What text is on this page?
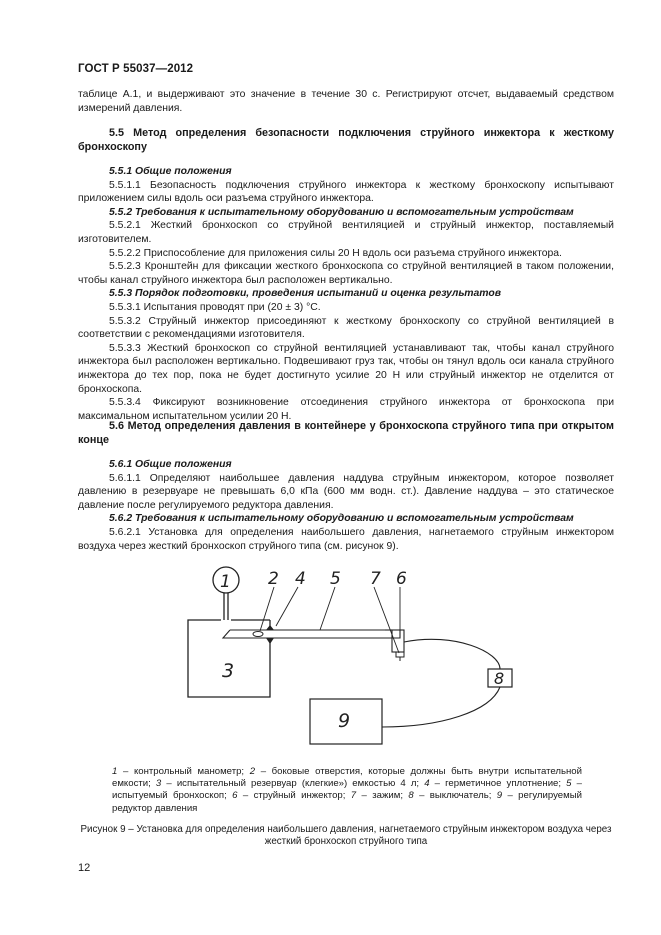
ГОСТ Р 55037—2012

таблице А.1, и выдерживают это значение в течение 30 с. Регистрируют отсчет, выдаваемый средством измерений давления.

5.5 Метод определения безопасности подключения струйного инжектора к жесткому бронхоскопу

5.5.1 Общие положения

5.5.1.1 Безопасность подключения струйного инжектора к жесткому бронхоскопу испытывают приложением силы вдоль оси разъема струйного инжектора.

5.5.2 Требования к испытательному оборудованию и вспомогательным устройствам

5.5.2.1 Жесткий бронхоскоп со струйной вентиляцией и струйный инжектор, поставляемый изготовителем.

5.5.2.2 Приспособление для приложения силы 20 Н вдоль оси разъема струйного инжектора.

5.5.2.3 Кронштейн для фиксации жесткого бронхоскопа со струйной вентиляцией в таком положении, чтобы канал струйного инжектора был расположен вертикально.

5.5.3 Порядок подготовки, проведения испытаний и оценка результатов

5.5.3.1 Испытания проводят при (20 ± 3) °С.

5.5.3.2 Струйный инжектор присоединяют к жесткому бронхоскопу со струйной вентиляцией в соответствии с рекомендациями изготовителя.

5.5.3.3 Жесткий бронхоскоп со струйной вентиляцией устанавливают так, чтобы канал струйного инжектора был расположен вертикально. Подвешивают груз так, чтобы он тянул вдоль оси канала струйного инжектора до тех пор, пока не будет достигнуто усилие 20 Н или струйный инжектор не отделится от бронхоскопа.

5.5.3.4 Фиксируют возникновение отсоединения струйного инжектора от бронхоскопа при максимальном испытательном усилии 20 Н.

5.6 Метод определения давления в контейнере у бронхоскопа струйного типа при открытом конце

5.6.1 Общие положения

5.6.1.1 Определяют наибольшее давления наддува струйным инжектором, которое позволяет давлению в резервуаре не превышать 6,0 кПа (600 мм водн. ст.). Давление наддува – это статическое давление после регулируемого редуктора давления.

5.6.2 Требования к испытательному оборудованию и вспомогательным устройствам

5.6.2.1 Установка для определения наибольшего давления, нагнетаемого струйным инжектором воздуха через жесткий бронхоскоп струйного типа (см. рисунок 9).

1 2 4 5 7 6
3	8
9
1 – контрольный манометр; 2 – боковые отверстия, которые должны быть внутри испытательной емкости; 3 – испытательный резервуар (клегкие») емкостью 4 л; 4 – герметичное уплотнение; 5 – испытуемый бронхоскоп; 6 – струйный инжектор; 7 – зажим; 8 – выключатель; 9 – регулируемый редуктор давления
Рисунок 9 – Установка для определения наибольшего давления, нагнетаемого струйным инжектором воздуха через жесткий бронхоскоп струйного типа
12
